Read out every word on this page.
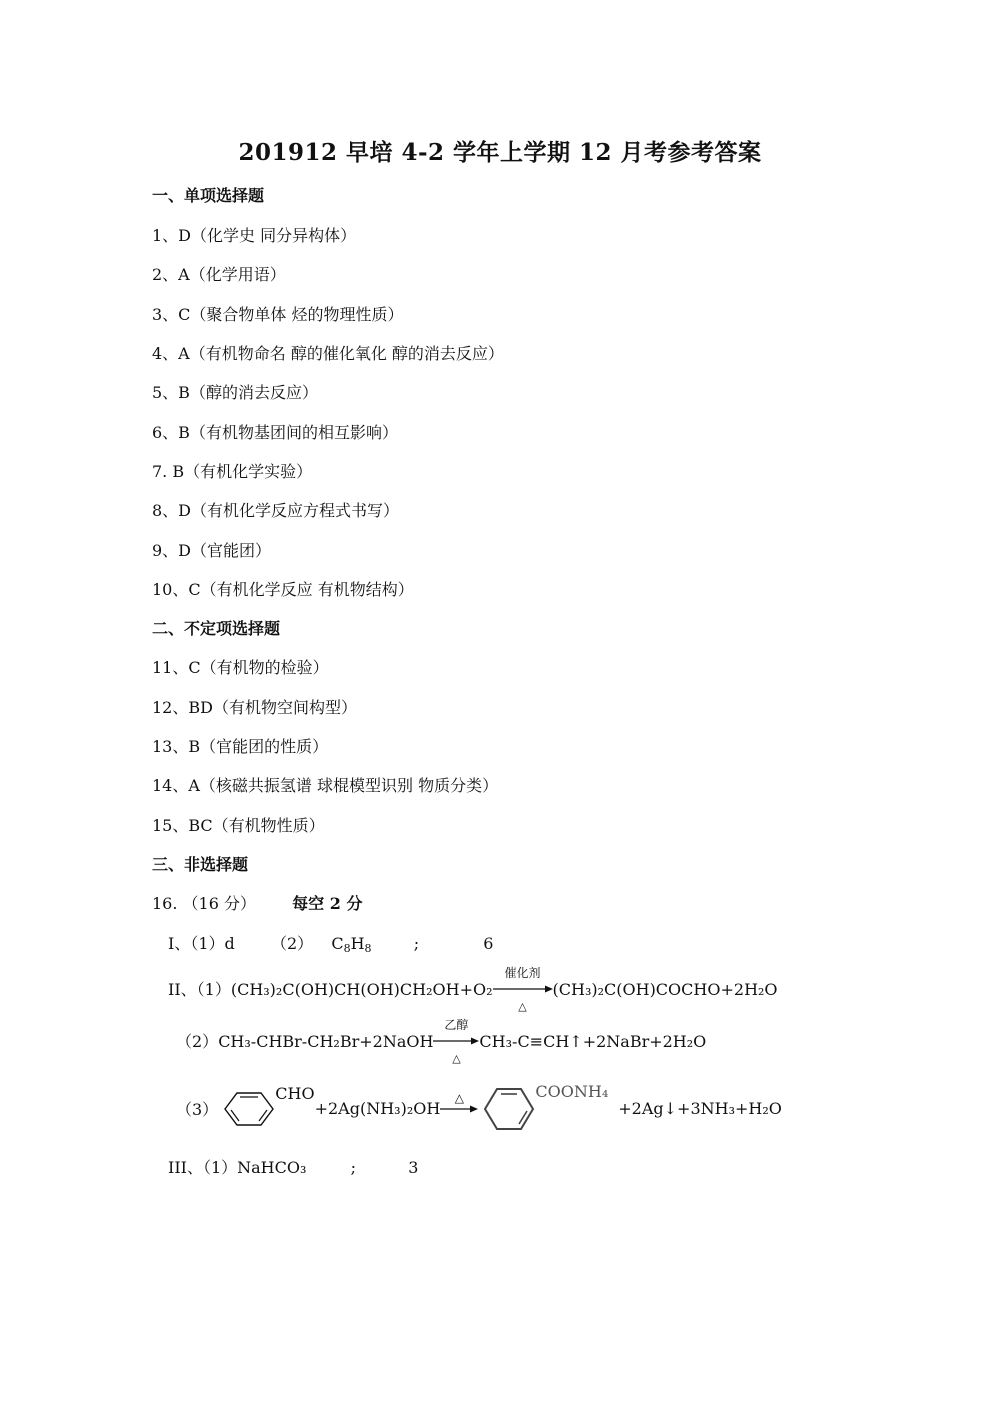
201912 早培 4-2 学年上学期 12 月考参考答案
一、单项选择题
1、D（化学史 同分异构体）
2、A（化学用语）
3、C（聚合物单体 烃的物理性质）
4、A（有机物命名 醇的催化氧化 醇的消去反应）
5、B（醇的消去反应）
6、B（有机物基团间的相互影响）
7. B（有机化学实验）
8、D（有机化学反应方程式书写）
9、D（官能团）
10、C（有机化学反应 有机物结构）
二、不定项选择题
11、C（有机物的检验）
12、BD（有机物空间构型）
13、B（官能团的性质）
14、A（核磁共振氢谱 球棍模型识别 物质分类）
15、BC（有机物性质）
三、非选择题
16. （16 分） 每空 2 分
I、（1）d （2） $C_8H_8$	;	6
II、（1）(CH₃)₂C(OH)CH(OH)CH₂OH+O₂
催化剂
△
(CH₃)₂C(OH)COCHO+2H₂O
（2）CH₃-CHBr-CH₂Br+2NaOH
乙醇
△
CH₃-C≡CH↑+2NaBr+2H₂O
（3） CHO+2Ag(NH₃)₂OH
△	COONH₄+2Ag↓+3NH₃+H₂O
III、（1）NaHCO₃	;	3
